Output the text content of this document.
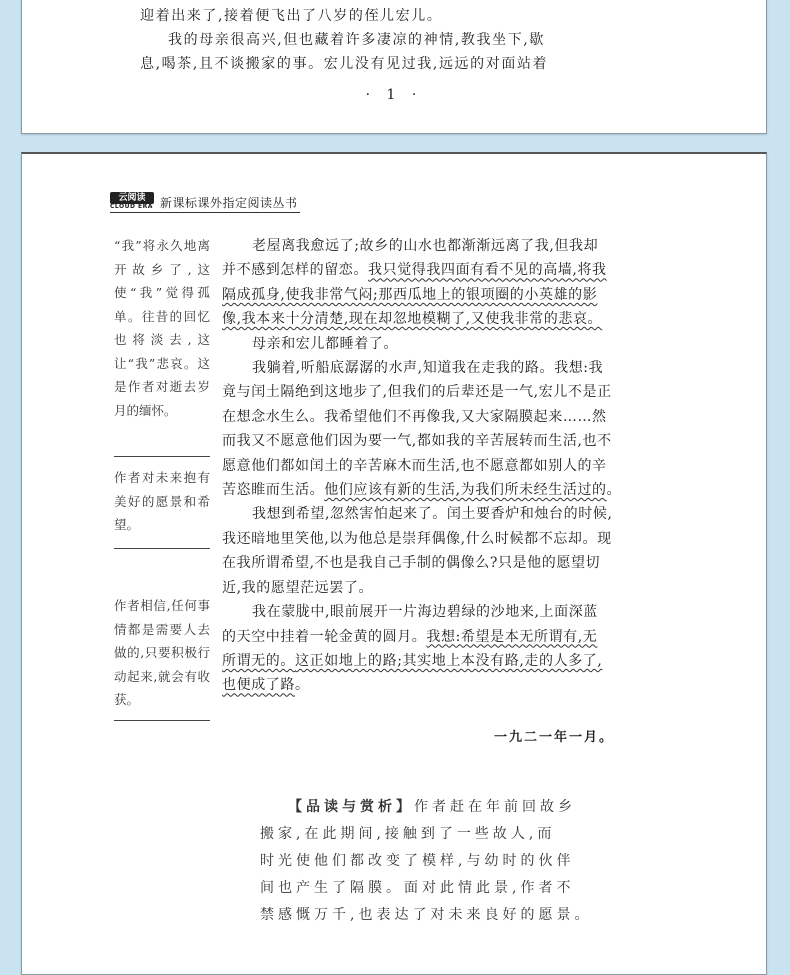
迎着出来了,接着便飞出了八岁的侄儿宏儿。
我的母亲很高兴,但也藏着许多凄凉的神情,教我坐下,歇
息,喝茶,且不谈搬家的事。宏儿没有见过我,远远的对面站着
· 1 ·
云阅读
CLOUD ERA 新课标课外指定阅读丛书
“我”将永久地离开故乡了,这使“我”觉得孤单。往昔的回忆也将淡去,这让“我”悲哀。这是作者对逝去岁月的缅怀。
作者对未来抱有美好的愿景和希望。
作者相信,任何事情都是需要人去做的,只要积极行动起来,就会有收获。
老屋离我愈远了;故乡的山水也都渐渐远离了我,但我却
并不感到怎样的留恋。我只觉得我四面有看不见的高墙,将我
隔成孤身,使我非常气闷;那西瓜地上的银项圈的小英雄的影
像,我本来十分清楚,现在却忽地模糊了,又使我非常的悲哀。
母亲和宏儿都睡着了。
我躺着,听船底潺潺的水声,知道我在走我的路。我想:我
竟与闰土隔绝到这地步了,但我们的后辈还是一气,宏儿不是正
在想念水生么。我希望他们不再像我,又大家隔膜起来……然
而我又不愿意他们因为要一气,都如我的辛苦展转而生活,也不
愿意他们都如闰土的辛苦麻木而生活,也不愿意都如别人的辛
苦恣睢而生活。他们应该有新的生活,为我们所未经生活过的。
我想到希望,忽然害怕起来了。闰土要香炉和烛台的时候,
我还暗地里笑他,以为他总是崇拜偶像,什么时候都不忘却。现
在我所谓希望,不也是我自己手制的偶像么?只是他的愿望切
近,我的愿望茫远罢了。
我在蒙胧中,眼前展开一片海边碧绿的沙地来,上面深蓝
的天空中挂着一轮金黄的圆月。我想:希望是本无所谓有,无
所谓无的。这正如地上的路;其实地上本没有路,走的人多了,
也便成了路。
一九二一年一月。
【品读与赏析】作者赶在年前回故乡
搬家,在此期间,接触到了一些故人,而
时光使他们都改变了模样,与幼时的伙伴
间也产生了隔膜。面对此情此景,作者不
禁感慨万千,也表达了对未来良好的愿景。
